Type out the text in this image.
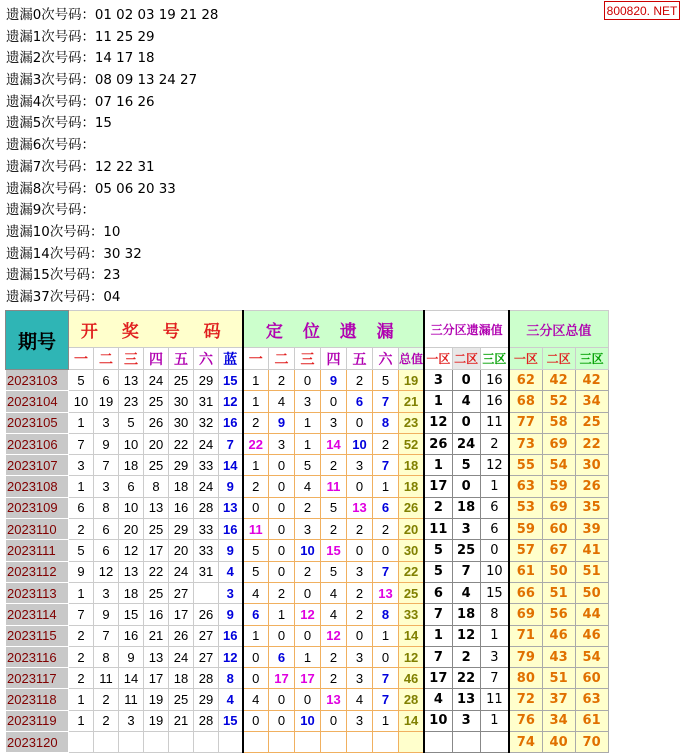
800820. NET
遗漏0次号码：01 02 03 19 21 28
遗漏1次号码：11 25 29
遗漏2次号码：14 17 18
遗漏3次号码：08 09 13 24 27
遗漏4次号码：07 16 26
遗漏5次号码：15
遗漏6次号码：
遗漏7次号码：12 22 31
遗漏8次号码：05 06 20 33
遗漏9次号码：
遗漏10次号码：10
遗漏14次号码：30 32
遗漏15次号码：23
遗漏37次号码：04
期号	开 奖 号 码							定 位 遗 漏							三分区遗漏值			三分区总值		
	一	二	三	四	五	六	蓝	一	二	三	四	五	六	总值	一区	二区	三区	一区	二区	三区
2023103	5	6	13	24	25	29	15	1	2	0	9	2	5	19	3	0	16	62	42	42
2023104	10	19	23	25	30	31	12	1	4	3	0	6	7	21	1	4	16	68	52	34
2023105	1	3	5	26	30	32	16	2	9	1	3	0	8	23	12	0	11	77	58	25
2023106	7	9	10	20	22	24	7	22	3	1	14	10	2	52	26	24	2	73	69	22
2023107	3	7	18	25	29	33	14	1	0	5	2	3	7	18	1	5	12	55	54	30
2023108	1	3	6	8	18	24	9	2	0	4	11	0	1	18	17	0	1	63	59	26
2023109	6	8	10	13	16	28	13	0	0	2	5	13	6	26	2	18	6	53	69	35
2023110	2	6	20	25	29	33	16	11	0	3	2	2	2	20	11	3	6	59	60	39
2023111	5	6	12	17	20	33	9	5	0	10	15	0	0	30	5	25	0	57	67	41
2023112	9	12	13	22	24	31	4	5	0	2	5	3	7	22	5	7	10	61	50	51
2023113	1	3	18	25	27		3	4	2	0	4	2	13	25	6	4	15	66	51	50
2023114	7	9	15	16	17	26	9	6	1	12	4	2	8	33	7	18	8	69	56	44
2023115	2	7	16	21	26	27	16	1	0	0	12	0	1	14	1	12	1	71	46	46
2023116	2	8	9	13	24	27	12	0	6	1	2	3	0	12	7	2	3	79	43	54
2023117	2	11	14	17	18	28	8	0	17	17	2	3	7	46	17	22	7	80	51	60
2023118	1	2	11	19	25	29	4	4	0	0	13	4	7	28	4	13	11	72	37	63
2023119	1	2	3	19	21	28	15	0	0	10	0	3	1	14	10	3	1	76	34	61
2023120																		74	40	70
